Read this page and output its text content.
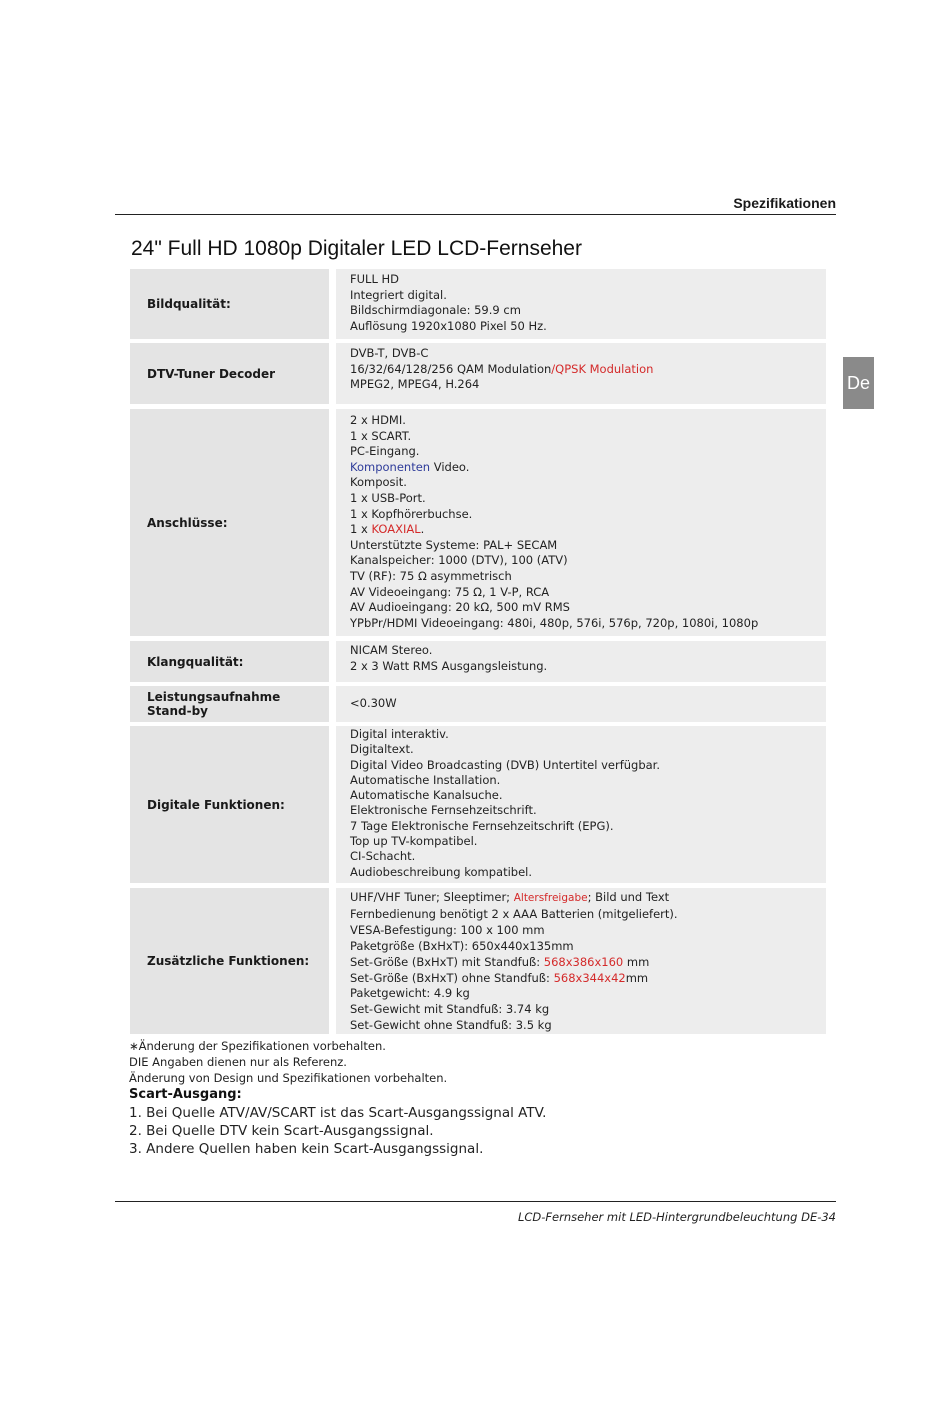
Spezifikationen
De
24" Full HD 1080p Digitaler LED LCD-Fernseher
Bildqualität:
FULL HD
Integriert digital.
Bildschirmdiagonale: 59.9 cm
Auflösung 1920x1080 Pixel 50 Hz.
DTV-Tuner Decoder
DVB-T, DVB-C
16/32/64/128/256 QAM Modulation/QPSK Modulation
MPEG2, MPEG4, H.264
Anschlüsse:
2 x HDMI.
1 x SCART.
PC-Eingang.
Komponenten Video.
Komposit.
1 x USB-Port.
1 x Kopfhörerbuchse.
1 x KOAXIAL.
Unterstützte Systeme: PAL+ SECAM
Kanalspeicher: 1000 (DTV), 100 (ATV)
TV (RF): 75 Ω asymmetrisch
AV Videoeingang: 75 Ω, 1 V-P, RCA
AV Audioeingang: 20 kΩ, 500 mV RMS
YPbPr/HDMI Videoeingang: 480i, 480p, 576i, 576p, 720p, 1080i, 1080p
Klangqualität:
NICAM Stereo.
2 x 3 Watt RMS Ausgangsleistung.
Leistungsaufnahme
Stand-by
<0.30W
Digitale Funktionen:
Digital interaktiv.
Digitaltext.
Digital Video Broadcasting (DVB) Untertitel verfügbar.
Automatische Installation.
Automatische Kanalsuche.
Elektronische Fernsehzeitschrift.
7 Tage Elektronische Fernsehzeitschrift (EPG).
Top up TV-kompatibel.
CI-Schacht.
Audiobeschreibung kompatibel.
Zusätzliche Funktionen:
UHF/VHF Tuner; Sleeptimer; Altersfreigabe; Bild und Text
Fernbedienung benötigt 2 x AAA Batterien (mitgeliefert).
VESA-Befestigung: 100 x 100 mm
Paketgröße (BxHxT): 650x440x135mm
Set-Größe (BxHxT) mit Standfuß: 568x386x160 mm
Set-Größe (BxHxT) ohne Standfuß: 568x344x42mm
Paketgewicht: 4.9 kg
Set-Gewicht mit Standfuß: 3.74 kg
Set-Gewicht ohne Standfuß: 3.5 kg
∗Änderung der Spezifikationen vorbehalten.
DIE Angaben dienen nur als Referenz.
Änderung von Design und Spezifikationen vorbehalten.
Scart-Ausgang:
1. Bei Quelle ATV/AV/SCART ist das Scart-Ausgangssignal ATV.
2. Bei Quelle DTV kein Scart-Ausgangssignal.
3. Andere Quellen haben kein Scart-Ausgangssignal.
LCD-Fernseher mit LED-Hintergrundbeleuchtung DE-34
